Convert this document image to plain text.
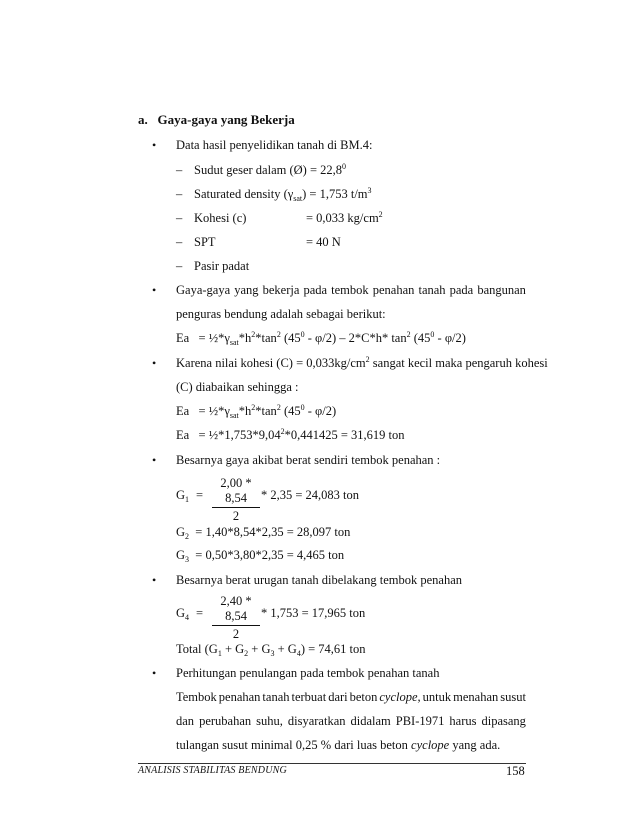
a.   Gaya-gaya yang Bekerja
• Data hasil penyelidikan tanah di BM.4:
– Sudut geser dalam (Ø) = $22,8^0$
– Saturated density $(\gamma_{sat}) = 1,753$ $t/m^3$
– Kohesi (c)	= 0,033 $kg/cm^2$
– SPT	= 40 N
– Pasir padat
• Gaya-gaya yang bekerja pada tembok penahan tanah pada bangunan
penguras bendung adalah sebagai berikut:
$Ea = \frac{1}{2}*\gamma_{sat}*h^2*\tan^2$ $(45^0 - \varphi/2) - 2*C*h*$ $\tan^2 (45^0 - \varphi/2)$
• Karena nilai kohesi $(C) = 0,033kg/cm^2$ sangat kecil maka pengaruh kohesi
(C) diabaikan sehingga :
$Ea = \frac{1}{2}*\gamma_{sat}*h^2*\tan^2$ $(45^0 - \varphi/2)$
$Ea = \frac{1}{2}*1,753*9,04^2*0,441425 = 31,619$ ton
• Besarnya gaya akibat berat sendiri tembok penahan :
$G_1$ =
2,00 * 8,54
2
* 2,35 = 24,083 ton
$G_2 = 1,40*8,54*2,35 = 28,097$ ton
$G_3 = 0,50*3,80*2,35 = 4,465$ ton
• Besarnya berat urugan tanah dibelakang tembok penahan
$G_4$ =
2,40 * 8,54
2
* 1,753 = 17,965 ton
Total $(G_1 + G_2 + G_3 + G_4) = 74,61$ ton
• Perhitungan penulangan pada tembok penahan tanah
Tembok penahan tanah terbuat dari beton cyclope, untuk menahan susut
dan perubahan suhu, disyaratkan didalam PBI-1971 harus dipasang
tulangan susut minimal 0,25 % dari luas beton cyclope yang ada.
ANALISIS STABILITAS BENDUNG	158
